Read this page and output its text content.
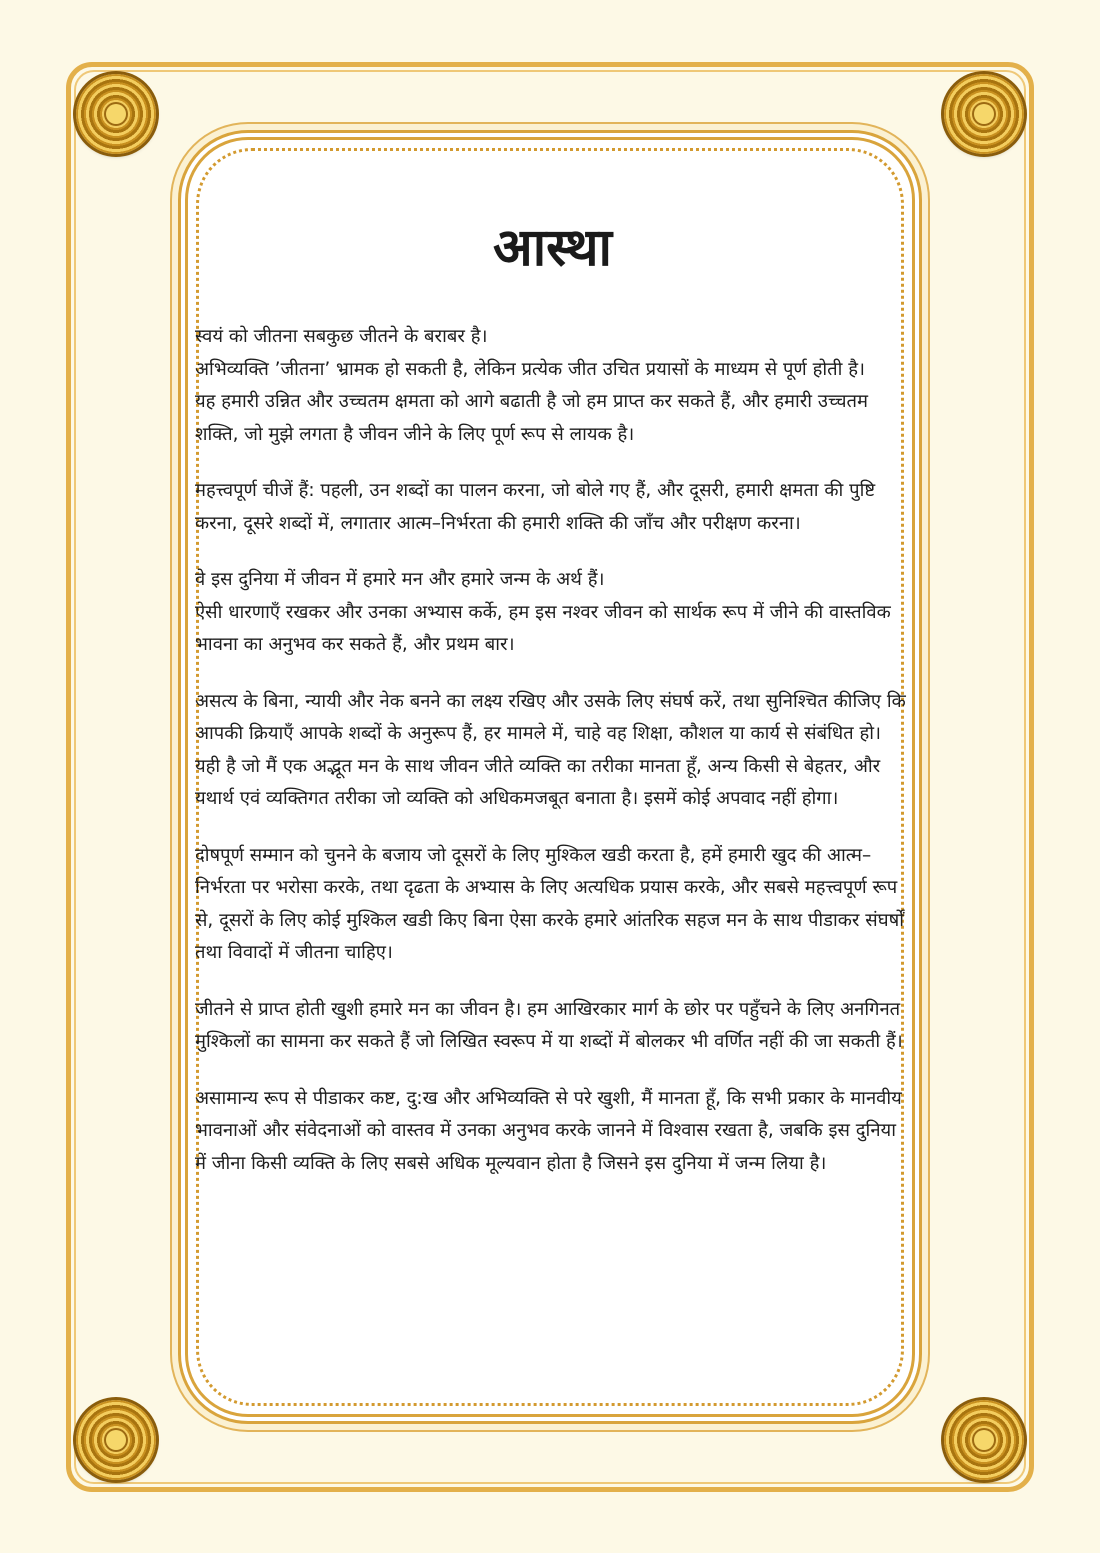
आस्था

स्वयं को जीतना सबकुछ जीतने के बराबर है।
अभिव्यक्ति ’जीतना’ भ्रामक हो सकती है, लेकिन प्रत्येक जीत उचित प्रयासों के माध्यम से पूर्ण होती है।
यह हमारी उन्नित और उच्चतम क्षमता को आगे बढाती है जो हम प्राप्त कर सकते हैं, और हमारी उच्चतम शक्ति, जो मुझे लगता है जीवन जीने के लिए पूर्ण रूप से लायक है।

महत्त्वपूर्ण चीजें हैं: पहली, उन शब्दों का पालन करना, जो बोले गए हैं, और दूसरी, हमारी क्षमता की पुष्टि करना, दूसरे शब्दों में, लगातार आत्म–निर्भरता की हमारी शक्ति की जाँच और परीक्षण करना।

वे इस दुनिया में जीवन में हमारे मन और हमारे जन्म के अर्थ हैं।
ऐसी धारणाएँ रखकर और उनका अभ्यास कर्के, हम इस नश्वर जीवन को सार्थक रूप में जीने की वास्तविक भावना का अनुभव कर सकते हैं, और प्रथम बार।

असत्य के बिना, न्यायी और नेक बनने का लक्ष्य रखिए और उसके लिए संघर्ष करें, तथा सुनिश्चित कीजिए कि आपकी क्रियाएँ आपके शब्दों के अनुरूप हैं, हर मामले में, चाहे वह शिक्षा, कौशल या कार्य से संबंधित हो।
यही है जो मैं एक अद्भूत मन के साथ जीवन जीते व्यक्ति का तरीका मानता हूँ, अन्य किसी से बेहतर, और यथार्थ एवं व्यक्तिगत तरीका जो व्यक्ति को अधिकमजबूत बनाता है। इसमें कोई अपवाद नहीं होगा।

दोषपूर्ण सम्मान को चुनने के बजाय जो दूसरों के लिए मुश्किल खडी करता है, हमें हमारी खुद की आत्म–निर्भरता पर भरोसा करके, तथा दृढता के अभ्यास के लिए अत्यधिक प्रयास करके, और सबसे महत्त्वपूर्ण रूप से, दूसरों के लिए कोई मुश्किल खडी किए बिना ऐसा करके हमारे आंतरिक सहज मन के साथ पीडाकर संघर्षों तथा विवादों में जीतना चाहिए।

जीतने से प्राप्त होती खुशी हमारे मन का जीवन है। हम आखिरकार मार्ग के छोर पर पहुँचने के लिए अनगिनत मुश्किलों का सामना कर सकते हैं जो लिखित स्वरूप में या शब्दों में बोलकर भी वर्णित नहीं की जा सकती हैं।

असामान्य रूप से पीडाकर कष्ट, दु:ख और अभिव्यक्ति से परे खुशी, मैं मानता हूँ, कि सभी प्रकार के मानवीय भावनाओं और संवेदनाओं को वास्तव में उनका अनुभव करके जानने में विश्वास रखता है, जबकि इस दुनिया में जीना किसी व्यक्ति के लिए सबसे अधिक मूल्यवान होता है जिसने इस दुनिया में जन्म लिया है।
